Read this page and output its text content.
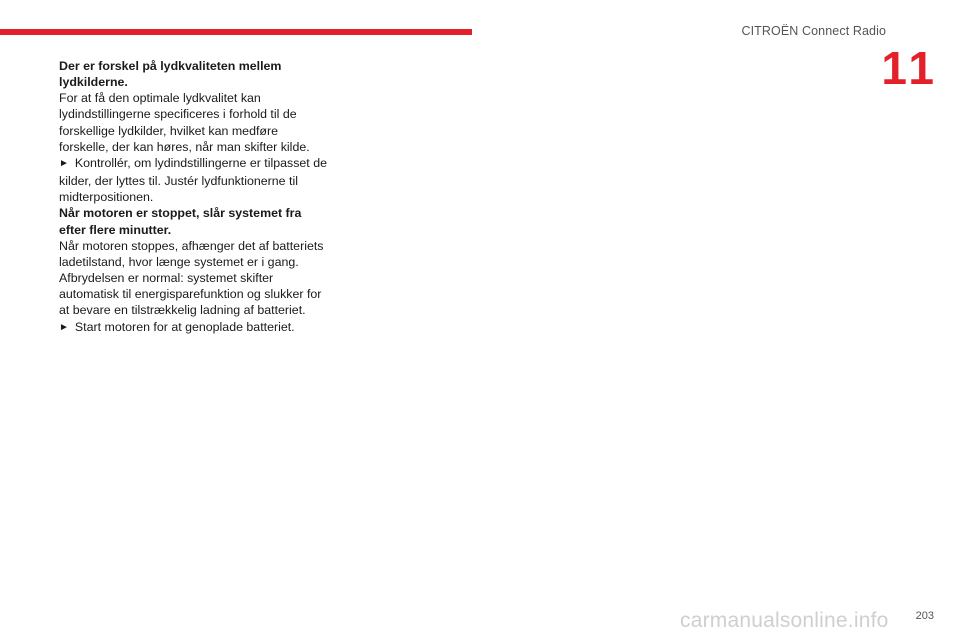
CITROËN Connect Radio
11

Der er forskel på lydkvaliteten mellem lydkilderne.

For at få den optimale lydkvalitet kan lydindstillingerne specificeres i forhold til de forskellige lydkilder, hvilket kan medføre forskelle, der kan høres, når man skifter kilde.

► Kontrollér, om lydindstillingerne er tilpasset de kilder, der lyttes til. Justér lydfunktionerne til midterpositionen.

Når motoren er stoppet, slår systemet fra efter flere minutter.

Når motoren stoppes, afhænger det af batteriets ladetilstand, hvor længe systemet er i gang.

Afbrydelsen er normal: systemet skifter automatisk til energisparefunktion og slukker for at bevare en tilstrækkelig ladning af batteriet.

► Start motoren for at genoplade batteriet.

203
carmanualsonline.info
